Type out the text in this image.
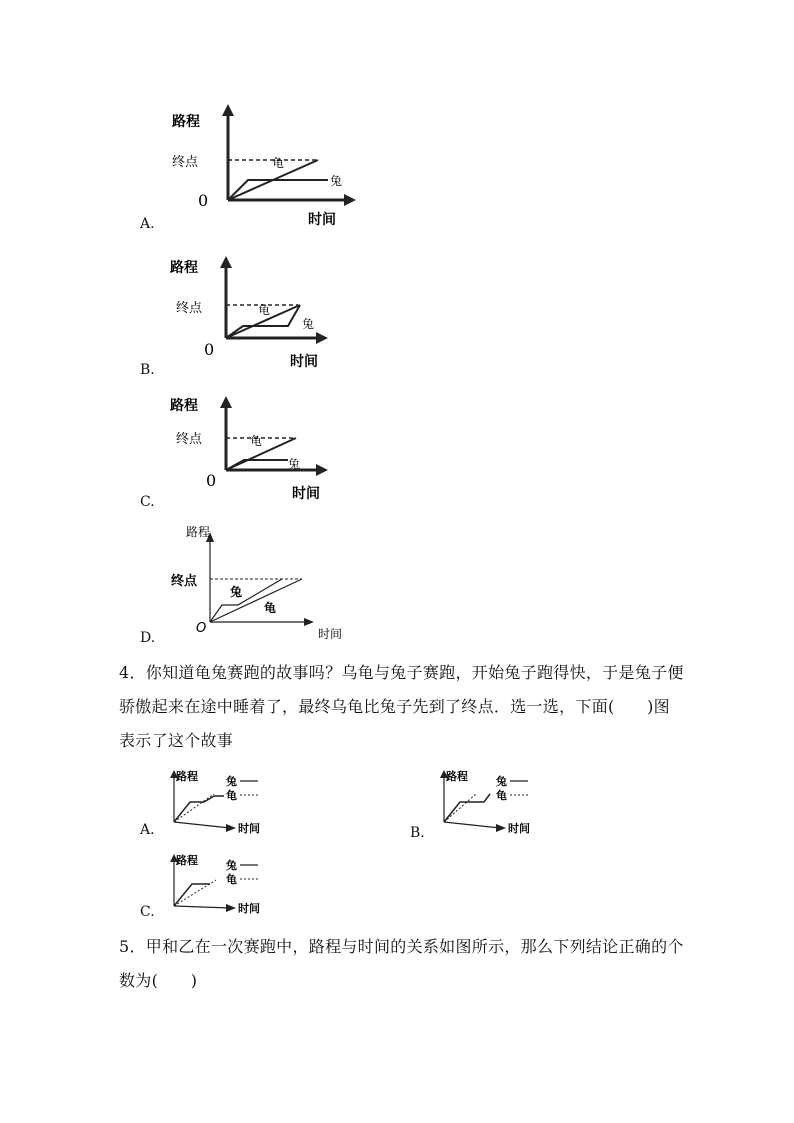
路程
终点
0
时间
龟
兔
A.
路程
终点
0
时间
龟
兔
B.
路程
终点
0
时间
龟
兔
C.
路程
终点
O	时间
兔
龟
D.
4．你知道龟兔赛跑的故事吗？乌龟与兔子赛跑，开始兔子跑得快，于是兔子便
骄傲起来在途中睡着了，最终乌龟比兔子先到了终点．选一选，下面(　　)图
表示了这个故事
路程
时间
兔
龟
A.
路程
时间
兔
龟
B．
路程
时间
兔
龟
C.
5．甲和乙在一次赛跑中，路程与时间的关系如图所示，那么下列结论正确的个
数为(　　)
